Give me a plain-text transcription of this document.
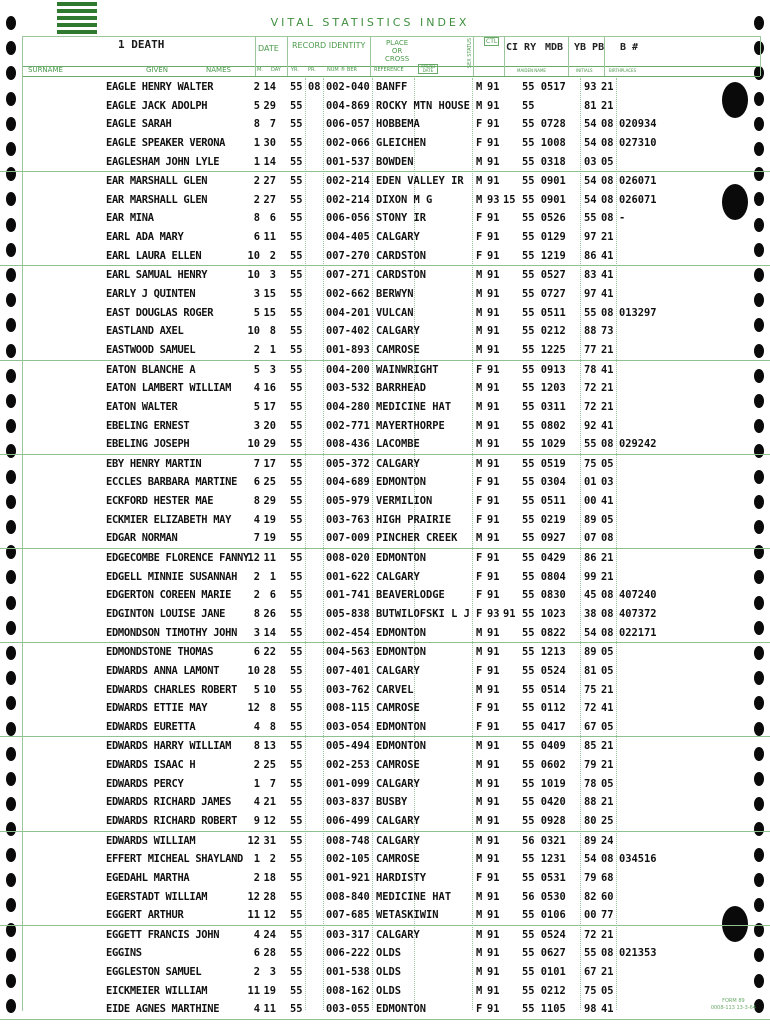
VITAL STATISTICS INDEX
1 DEATH	DATE RECORD IDENTITY	PLACE
OR
CROSS	SEX STATUS	CTL
CI RY MDB YB PB B #
SURNAME	GIVEN	NAMES	M. DAY YR. PR. NUM ® BER	REFERENCE
AMEND DATE	MAIDEN NAME	INITIALS	BIRTHPLACES
EAGLE HENRY WALTER	2 14 55 08 002-040 BANFF	M 91 55 0517 93 21
EAGLE JACK ADOLPH	5 29 55 004-869 ROCKY MTN HOUSE M 91 55	81 21
EAGLE SARAH	8 7 55 006-057 HOBBEMA	F 91 55 0728 54 08 020934
EAGLE SPEAKER VERONA	1 30 55 002-066 GLEICHEN	F 91 55 1008 54 08 027310
EAGLESHAM JOHN LYLE	1 14 55 001-537 BOWDEN	M 91 55 0318 03 05
EAR MARSHALL GLEN	2 27 55 002-214 EDEN VALLEY IR M 91 55 0901 54 08 026071
EAR MARSHALL GLEN	2 27 55 002-214 DIXON M G	M 93 15 55 0901 54 08 026071
EAR MINA	8 6 55 006-056 STONY IR	F 91 55 0526 55 08 -
EARL ADA MARY	6 11 55 004-405 CALGARY	F 91 55 0129 97 21
EARL LAURA ELLEN	10 2 55 007-270 CARDSTON	F 91 55 1219 86 41
EARL SAMUAL HENRY	10 3 55 007-271 CARDSTON	M 91 55 0527 83 41
EARLY J QUINTEN	3 15 55 002-662 BERWYN	M 91 55 0727 97 41
EAST DOUGLAS ROGER	5 15 55 004-201 VULCAN	M 91 55 0511 55 08 013297
EASTLAND AXEL	10 8 55 007-402 CALGARY	M 91 55 0212 88 73
EASTWOOD SAMUEL	2 1 55 001-893 CAMROSE	M 91 55 1225 77 21
EATON BLANCHE A	5 3 55 004-200 WAINWRIGHT	F 91 55 0913 78 41
EATON LAMBERT WILLIAM	4 16 55 003-532 BARRHEAD	M 91 55 1203 72 21
EATON WALTER	5 17 55 004-280 MEDICINE HAT M 91 55 0311 72 21
EBELING ERNEST	3 20 55 002-771 MAYERTHORPE	M 91 55 0802 92 41
EBELING JOSEPH	10 29 55 008-436 LACOMBE	M 91 55 1029 55 08 029242
EBY HENRY MARTIN	7 17 55 005-372 CALGARY	M 91 55 0519 75 05
ECCLES BARBARA MARTINE	6 25 55 004-689 EDMONTON	F 91 55 0304 01 03
ECKFORD HESTER MAE	8 29 55 005-979 VERMILION	F 91 55 0511 00 41
ECKMIER ELIZABETH MAY	4 19 55 003-763 HIGH PRAIRIE F 91 55 0219 89 05
EDGAR NORMAN	7 19 55 007-009 PINCHER CREEK M 91 55 0927 07 08
EDGECOMBE FLORENCE FANNY
12 11 55 008-020 EDMONTON	F 91 55 0429 86 21
EDGELL MINNIE SUSANNAH	2 1 55 001-622 CALGARY	F 91 55 0804 99 21
EDGERTON COREEN MARIE	2 6 55 001-741 BEAVERLODGE	F 91 55 0830 45 08 407240
EDGINTON LOUISE JANE	8 26 55 005-838 BUTWILOFSKI L J F 93 91 55 1023 38 08 407372
EDMONDSON TIMOTHY JOHN	3 14 55 002-454 EDMONTON	M 91 55 0822 54 08 022171
EDMONDSTONE THOMAS	6 22 55 004-563 EDMONTON	M 91 55 1213 89 05
EDWARDS ANNA LAMONT	10 28 55 007-401 CALGARY	F 91 55 0524 81 05
EDWARDS CHARLES ROBERT	5 10 55 003-762 CARVEL	M 91 55 0514 75 21
EDWARDS ETTIE MAY	12 8 55 008-115 CAMROSE	F 91 55 0112 72 41
EDWARDS EURETTA	4 8 55 003-054 EDMONTON	F 91 55 0417 67 05
EDWARDS HARRY WILLIAM	8 13 55 005-494 EDMONTON	M 91 55 0409 85 21
EDWARDS ISAAC H	2 25 55 002-253 CAMROSE	M 91 55 0602 79 21
EDWARDS PERCY	1 7 55 001-099 CALGARY	M 91 55 1019 78 05
EDWARDS RICHARD JAMES	4 21 55 003-837 BUSBY	M 91 55 0420 88 21
EDWARDS RICHARD ROBERT	9 12 55 006-499 CALGARY	M 91 55 0928 80 25
EDWARDS WILLIAM	12 31 55 008-748 CALGARY	M 91 56 0321 89 24
EFFERT MICHEAL SHAYLAND	1 2 55 002-105 CAMROSE	M 91 55 1231 54 08 034516
EGEDAHL MARTHA	2 18 55 001-921 HARDISTY	F 91 55 0531 79 68
EGERSTADT WILLIAM	12 28 55 008-840 MEDICINE HAT M 91 56 0530 82 60
EGGERT ARTHUR	11 12 55 007-685 WETASKIWIN	M 91 55 0106 00 77
EGGETT FRANCIS JOHN	4 24 55 003-317 CALGARY	M 91 55 0524 72 21
EGGINS	6 28 55 006-222 OLDS	M 91 55 0627 55 08 021353
EGGLESTON SAMUEL	2 3 55 001-538 OLDS	M 91 55 0101 67 21
EICKMEIER WILLIAM	11 19 55 008-162 OLDS	M 91 55 0212 75 05
EIDE AGNES MARTHINE	4 11 55 003-055 EDMONTON	F 91 55 1105 98 41
FORM 89
0008-113 13-3-64
